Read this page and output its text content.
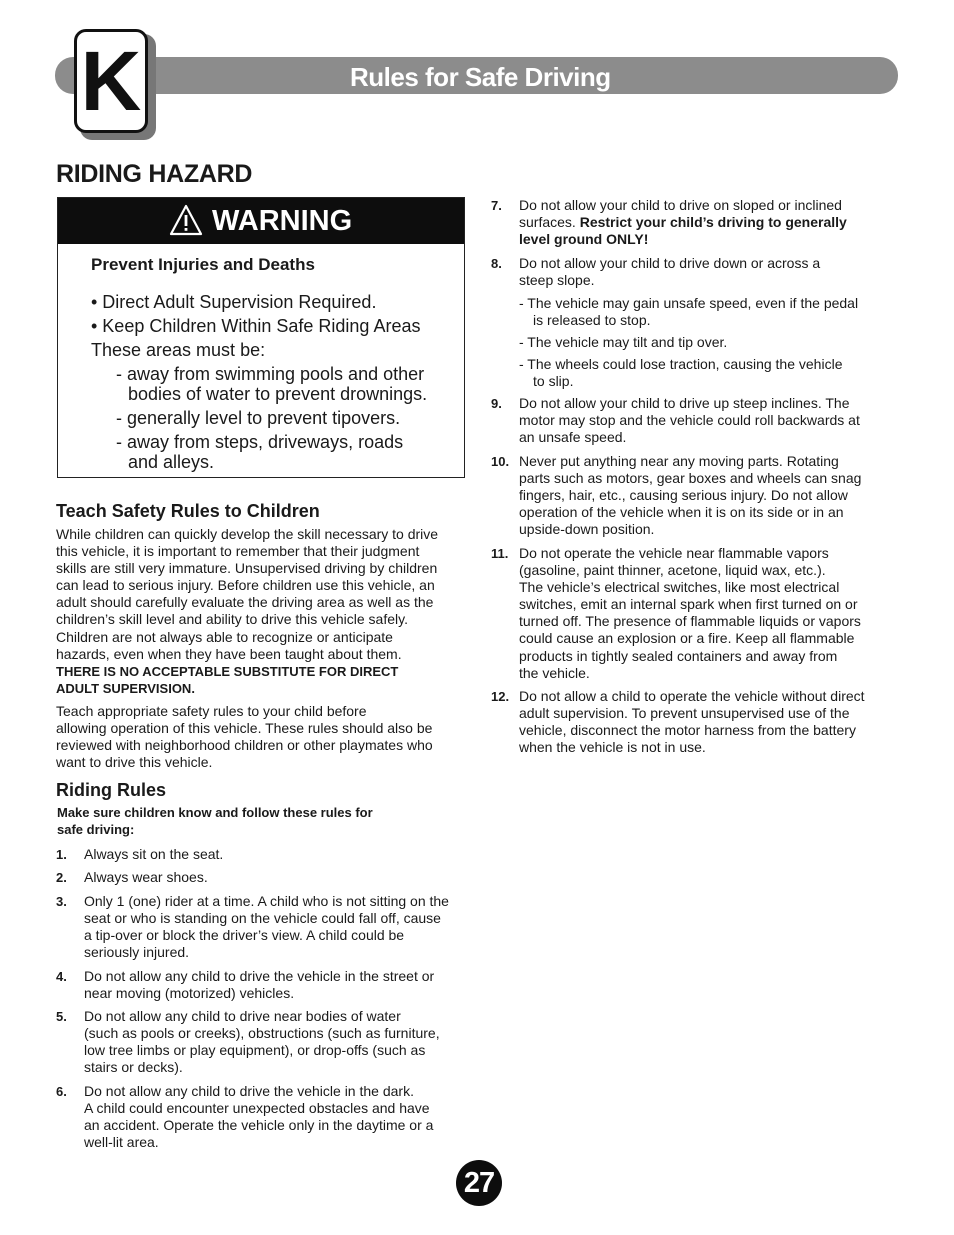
Rules for Safe Driving
K
RIDING HAZARD
WARNING
Prevent Injuries and Deaths
• Direct Adult Supervision Required.
• Keep Children Within Safe Riding Areas
These areas must be:
- away from swimming pools and other
bodies of water to prevent drownings.
- generally level to prevent tipovers.
- away from steps, driveways, roads
and alleys.
Teach Safety Rules to Children
While children can quickly develop the skill necessary to drive
this vehicle, it is important to remember that their judgment
skills are still very immature. Unsupervised driving by children
can lead to serious injury. Before children use this vehicle, an
adult should carefully evaluate the driving area as well as the
children’s skill level and ability to drive this vehicle safely.
Children are not always able to recognize or anticipate
hazards, even when they have been taught about them.
THERE IS NO ACCEPTABLE SUBSTITUTE FOR DIRECT
ADULT SUPERVISION.
Teach appropriate safety rules to your child before
allowing operation of this vehicle. These rules should also be
reviewed with neighborhood children or other playmates who
want to drive this vehicle.
Riding Rules
Make sure children know and follow these rules for
safe driving:
1. Always sit on the seat.
2. Always wear shoes.
3. Only 1 (one) rider at a time. A child who is not sitting on the
seat or who is standing on the vehicle could fall off, cause
a tip-over or block the driver’s view. A child could be
seriously injured.
4. Do not allow any child to drive the vehicle in the street or
near moving (motorized) vehicles.
5. Do not allow any child to drive near bodies of water
(such as pools or creeks), obstructions (such as furniture,
low tree limbs or play equipment), or drop-offs (such as
stairs or decks).
6. Do not allow any child to drive the vehicle in the dark.
A child could encounter unexpected obstacles and have
an accident. Operate the vehicle only in the daytime or a
well-lit area.
7. Do not allow your child to drive on sloped or inclined
surfaces. Restrict your child’s driving to generally
level ground ONLY!
8. Do not allow your child to drive down or across a
steep slope.
- The vehicle may gain unsafe speed, even if the pedal
is released to stop.
- The vehicle may tilt and tip over.
- The wheels could lose traction, causing the vehicle
to slip.
9. Do not allow your child to drive up steep inclines. The
motor may stop and the vehicle could roll backwards at
an unsafe speed.
10. Never put anything near any moving parts. Rotating
parts such as motors, gear boxes and wheels can snag
fingers, hair, etc., causing serious injury. Do not allow
operation of the vehicle when it is on its side or in an
upside-down position.
11. Do not operate the vehicle near flammable vapors
(gasoline, paint thinner, acetone, liquid wax, etc.).
The vehicle’s electrical switches, like most electrical
switches, emit an internal spark when first turned on or
turned off. The presence of flammable liquids or vapors
could cause an explosion or a fire. Keep all flammable
products in tightly sealed containers and away from
the vehicle.
12. Do not allow a child to operate the vehicle without direct
adult supervision. To prevent unsupervised use of the
vehicle, disconnect the motor harness from the battery
when the vehicle is not in use.
27
